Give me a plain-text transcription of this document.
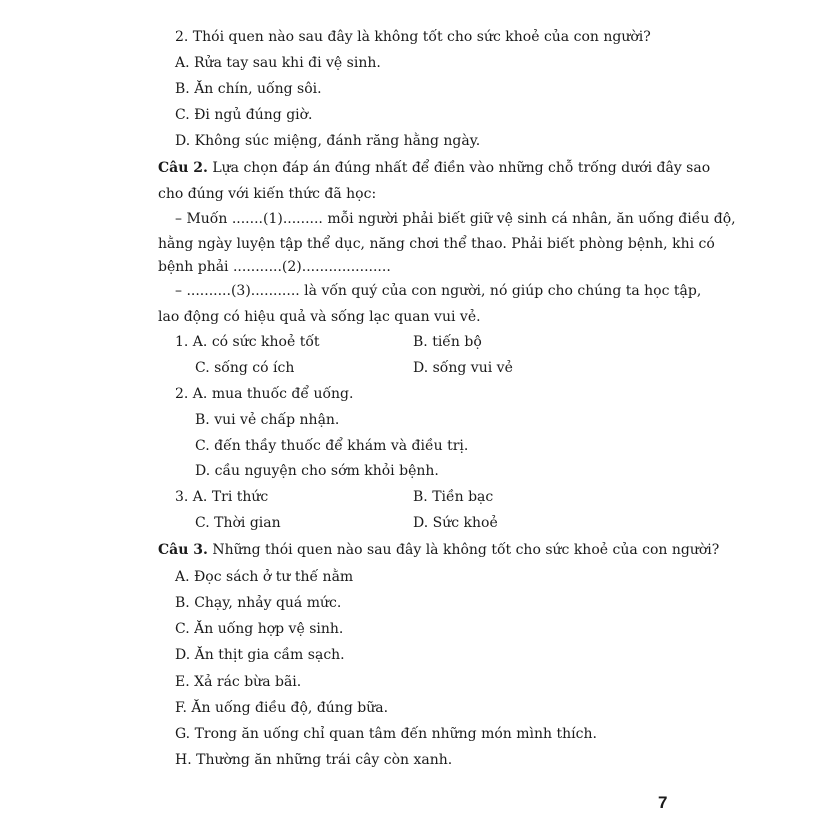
2. Thói quen nào sau đây là không tốt cho sức khoẻ của con người?
A. Rửa tay sau khi đi vệ sinh.
B. Ăn chín, uống sôi.
C. Đi ngủ đúng giờ.
D. Không súc miệng, đánh răng hằng ngày.
Câu 2. Lựa chọn đáp án đúng nhất để điền vào những chỗ trống dưới đây sao
cho đúng với kiến thức đã học:
– Muốn .......(1)......... mỗi người phải biết giữ vệ sinh cá nhân, ăn uống điều độ,
hằng ngày luyện tập thể dục, năng chơi thể thao. Phải biết phòng bệnh, khi có
bệnh phải ...........(2)....................
– ..........(3)........... là vốn quý của con người, nó giúp cho chúng ta học tập,
lao động có hiệu quả và sống lạc quan vui vẻ.
1. A. có sức khoẻ tốt	B. tiến bộ
C. sống có ích	D. sống vui vẻ
2. A. mua thuốc để uống.
B. vui vẻ chấp nhận.
C. đến thầy thuốc để khám và điều trị.
D. cầu nguyện cho sớm khỏi bệnh.
3. A. Tri thức	B. Tiền bạc
C. Thời gian	D. Sức khoẻ
Câu 3. Những thói quen nào sau đây là không tốt cho sức khoẻ của con người?
A. Đọc sách ở tư thế nằm
B. Chạy, nhảy quá mức.
C. Ăn uống hợp vệ sinh.
D. Ăn thịt gia cầm sạch.
E. Xả rác bừa bãi.
F. Ăn uống điều độ, đúng bữa.
G. Trong ăn uống chỉ quan tâm đến những món mình thích.
H. Thường ăn những trái cây còn xanh.
7
